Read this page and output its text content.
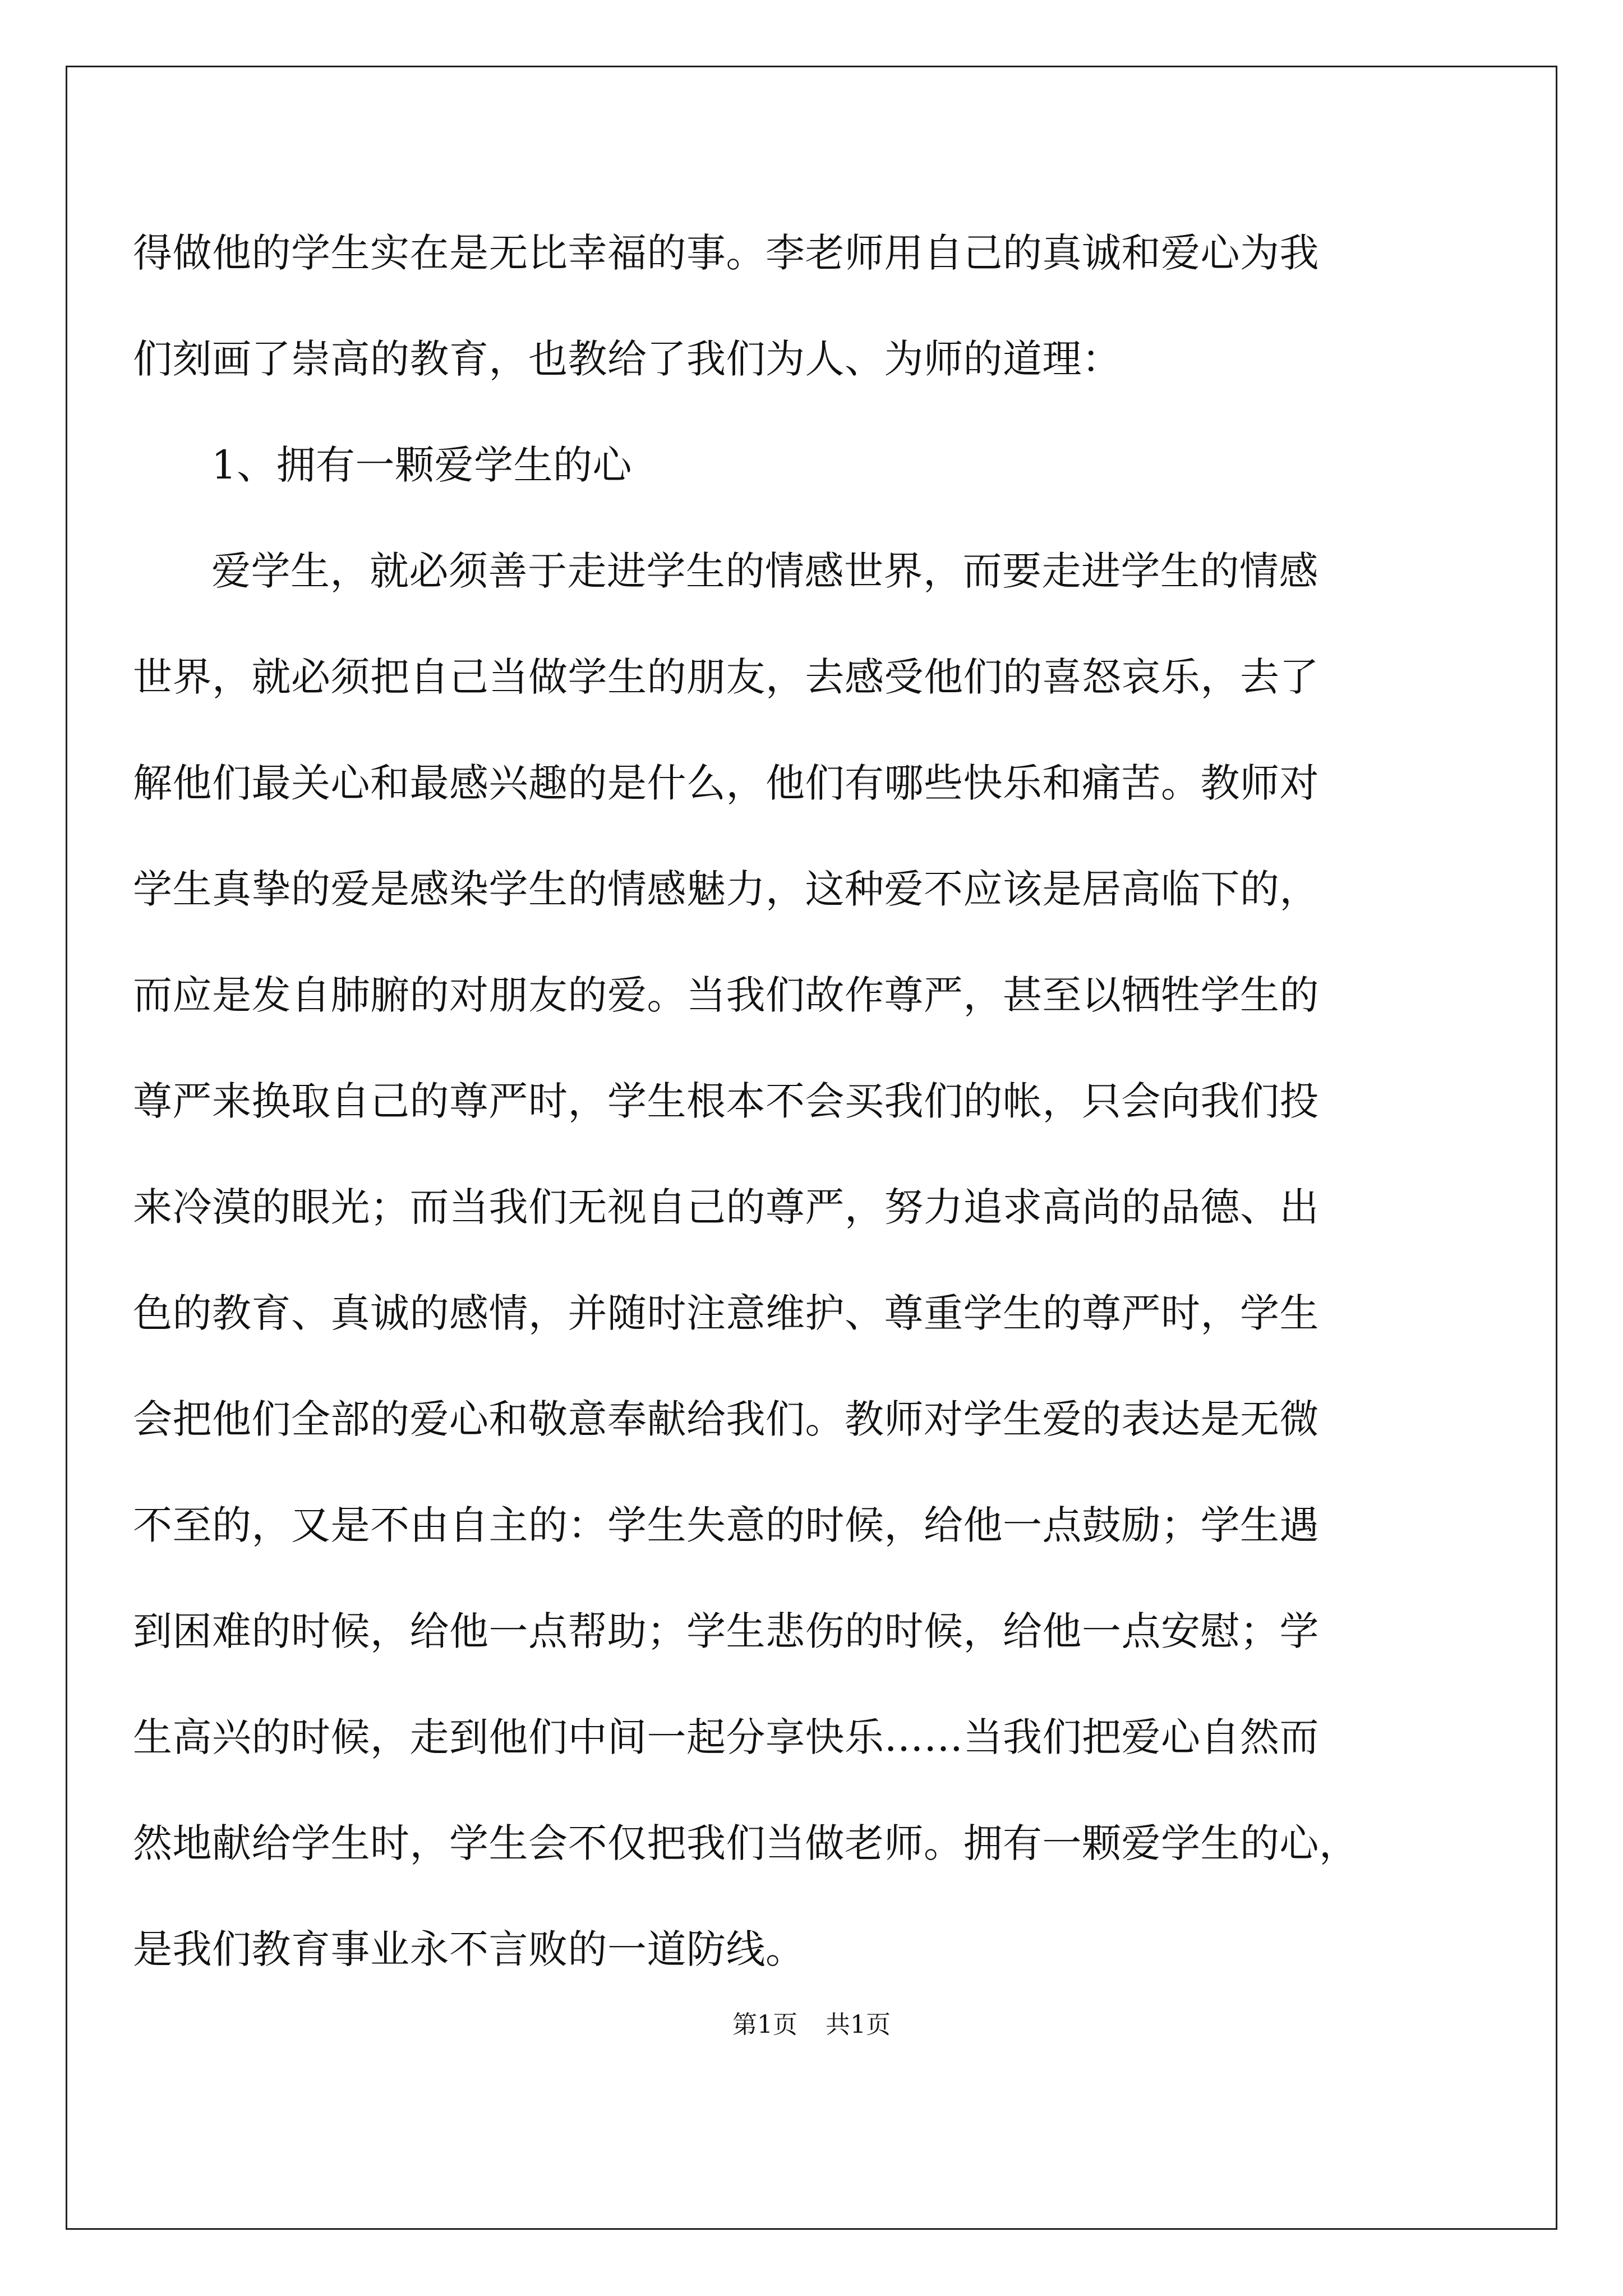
得做他的学生实在是无比幸福的事。李老师用自己的真诚和爱心为我

们刻画了崇高的教育，也教给了我们为人、为师的道理：

1、拥有一颗爱学生的心

爱学生，就必须善于走进学生的情感世界，而要走进学生的情感

世界，就必须把自己当做学生的朋友，去感受他们的喜怒哀乐，去了

解他们最关心和最感兴趣的是什么，他们有哪些快乐和痛苦。教师对

学生真挚的爱是感染学生的情感魅力，这种爱不应该是居高临下的，

而应是发自肺腑的对朋友的爱。当我们故作尊严，甚至以牺牲学生的

尊严来换取自己的尊严时，学生根本不会买我们的帐，只会向我们投

来冷漠的眼光；而当我们无视自己的尊严，努力追求高尚的品德、出

色的教育、真诚的感情，并随时注意维护、尊重学生的尊严时，学生

会把他们全部的爱心和敬意奉献给我们。教师对学生爱的表达是无微

不至的，又是不由自主的：学生失意的时候，给他一点鼓励；学生遇

到困难的时候，给他一点帮助；学生悲伤的时候，给他一点安慰；学

生高兴的时候，走到他们中间一起分享快乐……当我们把爱心自然而

然地献给学生时，学生会不仅把我们当做老师。拥有一颗爱学生的心，

是我们教育事业永不言败的一道防线。

第1页 共1页
